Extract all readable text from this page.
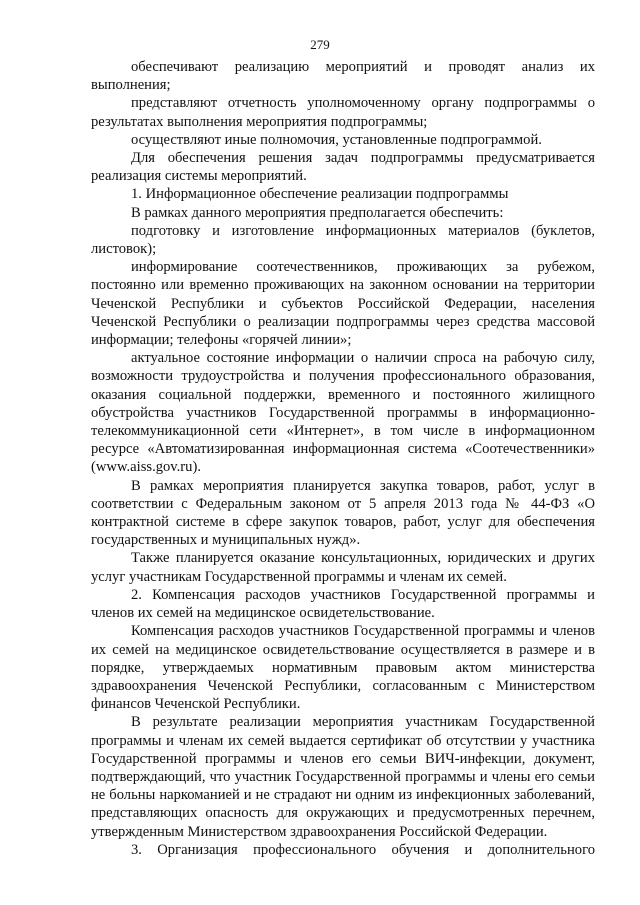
279

обеспечивают реализацию мероприятий и проводят анализ их выполнения;

представляют отчетность уполномоченному органу подпрограммы о результатах выполнения мероприятия подпрограммы;

осуществляют иные полномочия, установленные подпрограммой.

Для обеспечения решения задач подпрограммы предусматривается реализация системы мероприятий.

1. Информационное обеспечение реализации подпрограммы

В рамках данного мероприятия предполагается обеспечить:

подготовку и изготовление информационных материалов (буклетов, листовок);

информирование соотечественников, проживающих за рубежом, постоянно или временно проживающих на законном основании на территории Чеченской Республики и субъектов Российской Федерации, населения Чеченской Республики о реализации подпрограммы через средства массовой информации; телефоны «горячей линии»;

актуальное состояние информации о наличии спроса на рабочую силу, возможности трудоустройства и получения профессионального образования, оказания социальной поддержки, временного и постоянного жилищного обустройства участников Государственной программы в информационно-телекоммуникационной сети «Интернет», в том числе в информационном ресурсе «Автоматизированная информационная система «Соотечественники» (www.aiss.gov.ru).

В рамках мероприятия планируется закупка товаров, работ, услуг в соответствии с Федеральным законом от 5 апреля 2013 года № 44-ФЗ «О контрактной системе в сфере закупок товаров, работ, услуг для обеспечения государственных и муниципальных нужд».

Также планируется оказание консультационных, юридических и других услуг участникам Государственной программы и членам их семей.

2. Компенсация расходов участников Государственной программы и членов их семей на медицинское освидетельствование.

Компенсация расходов участников Государственной программы и членов их семей на медицинское освидетельствование осуществляется в размере и в порядке, утверждаемых нормативным правовым актом министерства здравоохранения Чеченской Республики, согласованным с Министерством финансов Чеченской Республики.

В результате реализации мероприятия участникам Государственной программы и членам их семей выдается сертификат об отсутствии у участника Государственной программы и членов его семьи ВИЧ-инфекции, документ, подтверждающий, что участник Государственной программы и члены его семьи не больны наркоманией и не страдают ни одним из инфекционных заболеваний, представляющих опасность для окружающих и предусмотренных перечнем, утвержденным Министерством здравоохранения Российской Федерации.

3. Организация профессионального обучения и дополнительного
